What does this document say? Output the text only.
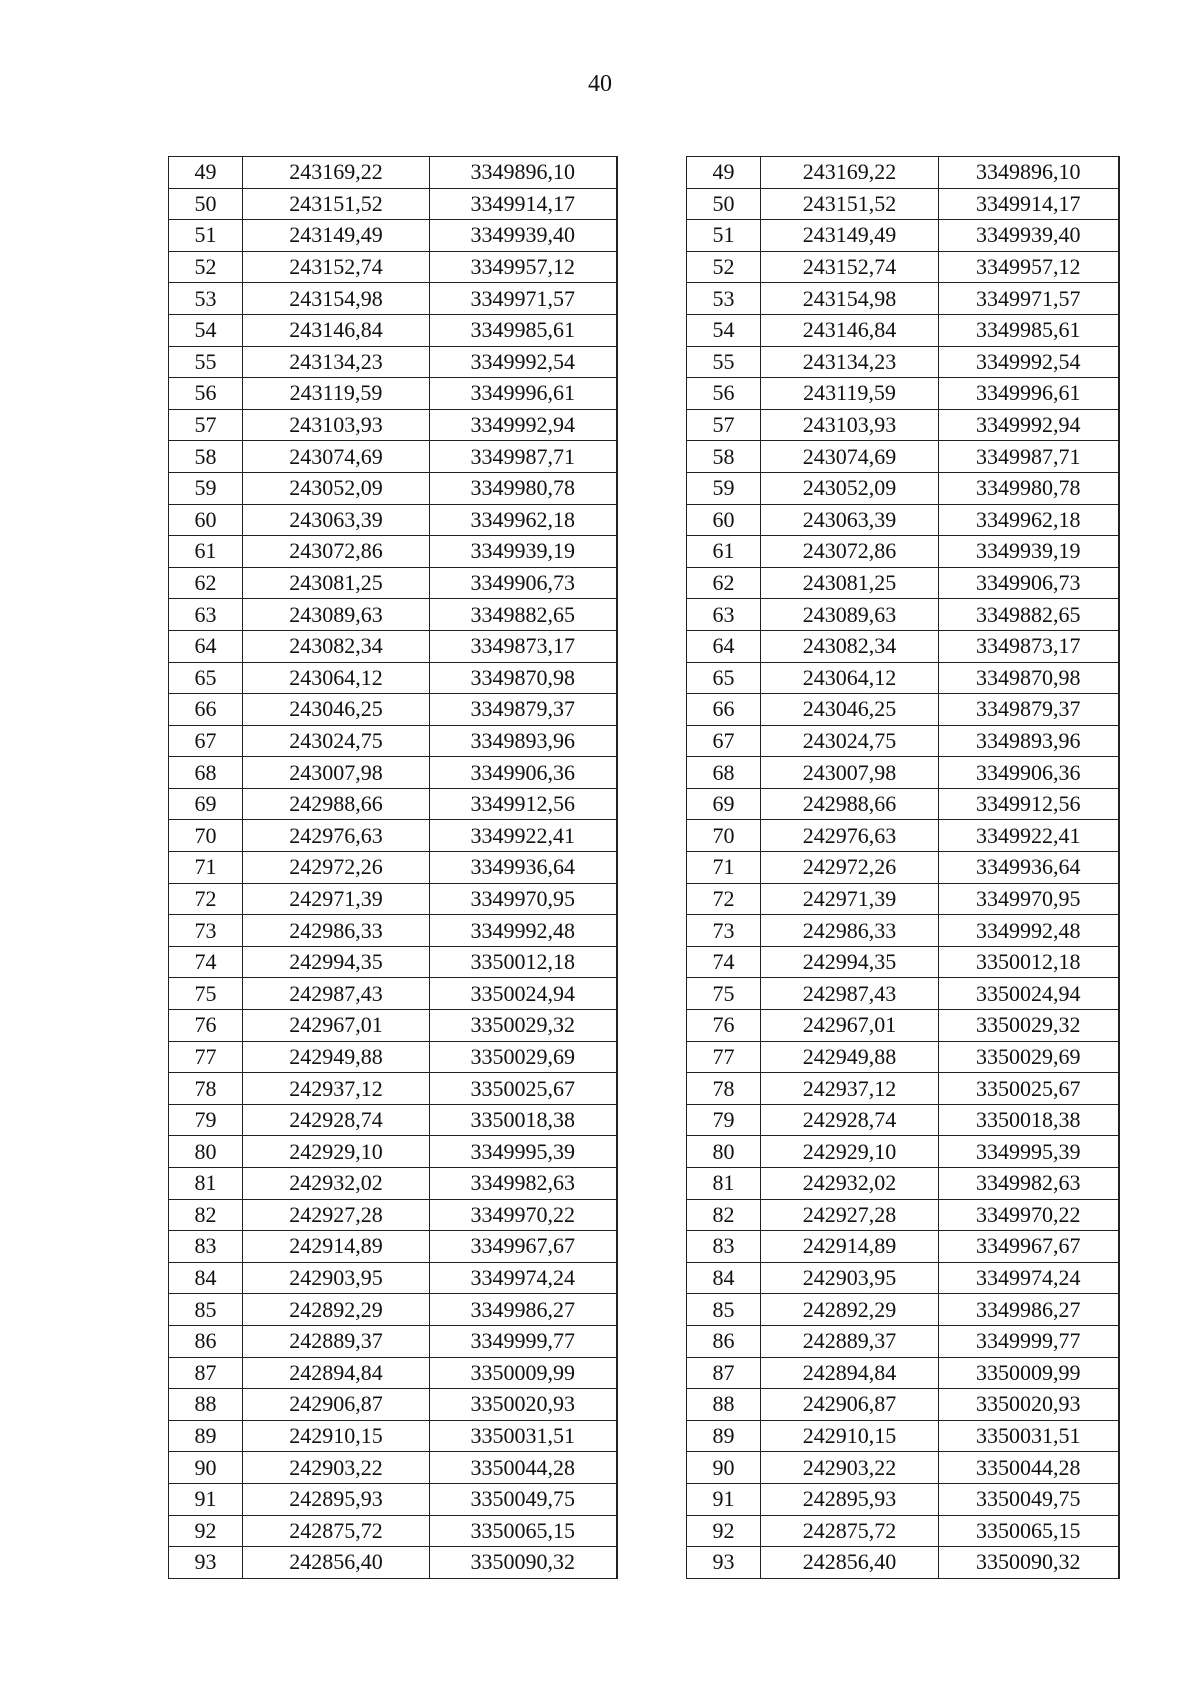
40
49	243169,22	3349896,10
50	243151,52	3349914,17
51	243149,49	3349939,40
52	243152,74	3349957,12
53	243154,98	3349971,57
54	243146,84	3349985,61
55	243134,23	3349992,54
56	243119,59	3349996,61
57	243103,93	3349992,94
58	243074,69	3349987,71
59	243052,09	3349980,78
60	243063,39	3349962,18
61	243072,86	3349939,19
62	243081,25	3349906,73
63	243089,63	3349882,65
64	243082,34	3349873,17
65	243064,12	3349870,98
66	243046,25	3349879,37
67	243024,75	3349893,96
68	243007,98	3349906,36
69	242988,66	3349912,56
70	242976,63	3349922,41
71	242972,26	3349936,64
72	242971,39	3349970,95
73	242986,33	3349992,48
74	242994,35	3350012,18
75	242987,43	3350024,94
76	242967,01	3350029,32
77	242949,88	3350029,69
78	242937,12	3350025,67
79	242928,74	3350018,38
80	242929,10	3349995,39
81	242932,02	3349982,63
82	242927,28	3349970,22
83	242914,89	3349967,67
84	242903,95	3349974,24
85	242892,29	3349986,27
86	242889,37	3349999,77
87	242894,84	3350009,99
88	242906,87	3350020,93
89	242910,15	3350031,51
90	242903,22	3350044,28
91	242895,93	3350049,75
92	242875,72	3350065,15
93	242856,40	3350090,32
49	243169,22	3349896,10
50	243151,52	3349914,17
51	243149,49	3349939,40
52	243152,74	3349957,12
53	243154,98	3349971,57
54	243146,84	3349985,61
55	243134,23	3349992,54
56	243119,59	3349996,61
57	243103,93	3349992,94
58	243074,69	3349987,71
59	243052,09	3349980,78
60	243063,39	3349962,18
61	243072,86	3349939,19
62	243081,25	3349906,73
63	243089,63	3349882,65
64	243082,34	3349873,17
65	243064,12	3349870,98
66	243046,25	3349879,37
67	243024,75	3349893,96
68	243007,98	3349906,36
69	242988,66	3349912,56
70	242976,63	3349922,41
71	242972,26	3349936,64
72	242971,39	3349970,95
73	242986,33	3349992,48
74	242994,35	3350012,18
75	242987,43	3350024,94
76	242967,01	3350029,32
77	242949,88	3350029,69
78	242937,12	3350025,67
79	242928,74	3350018,38
80	242929,10	3349995,39
81	242932,02	3349982,63
82	242927,28	3349970,22
83	242914,89	3349967,67
84	242903,95	3349974,24
85	242892,29	3349986,27
86	242889,37	3349999,77
87	242894,84	3350009,99
88	242906,87	3350020,93
89	242910,15	3350031,51
90	242903,22	3350044,28
91	242895,93	3350049,75
92	242875,72	3350065,15
93	242856,40	3350090,32
